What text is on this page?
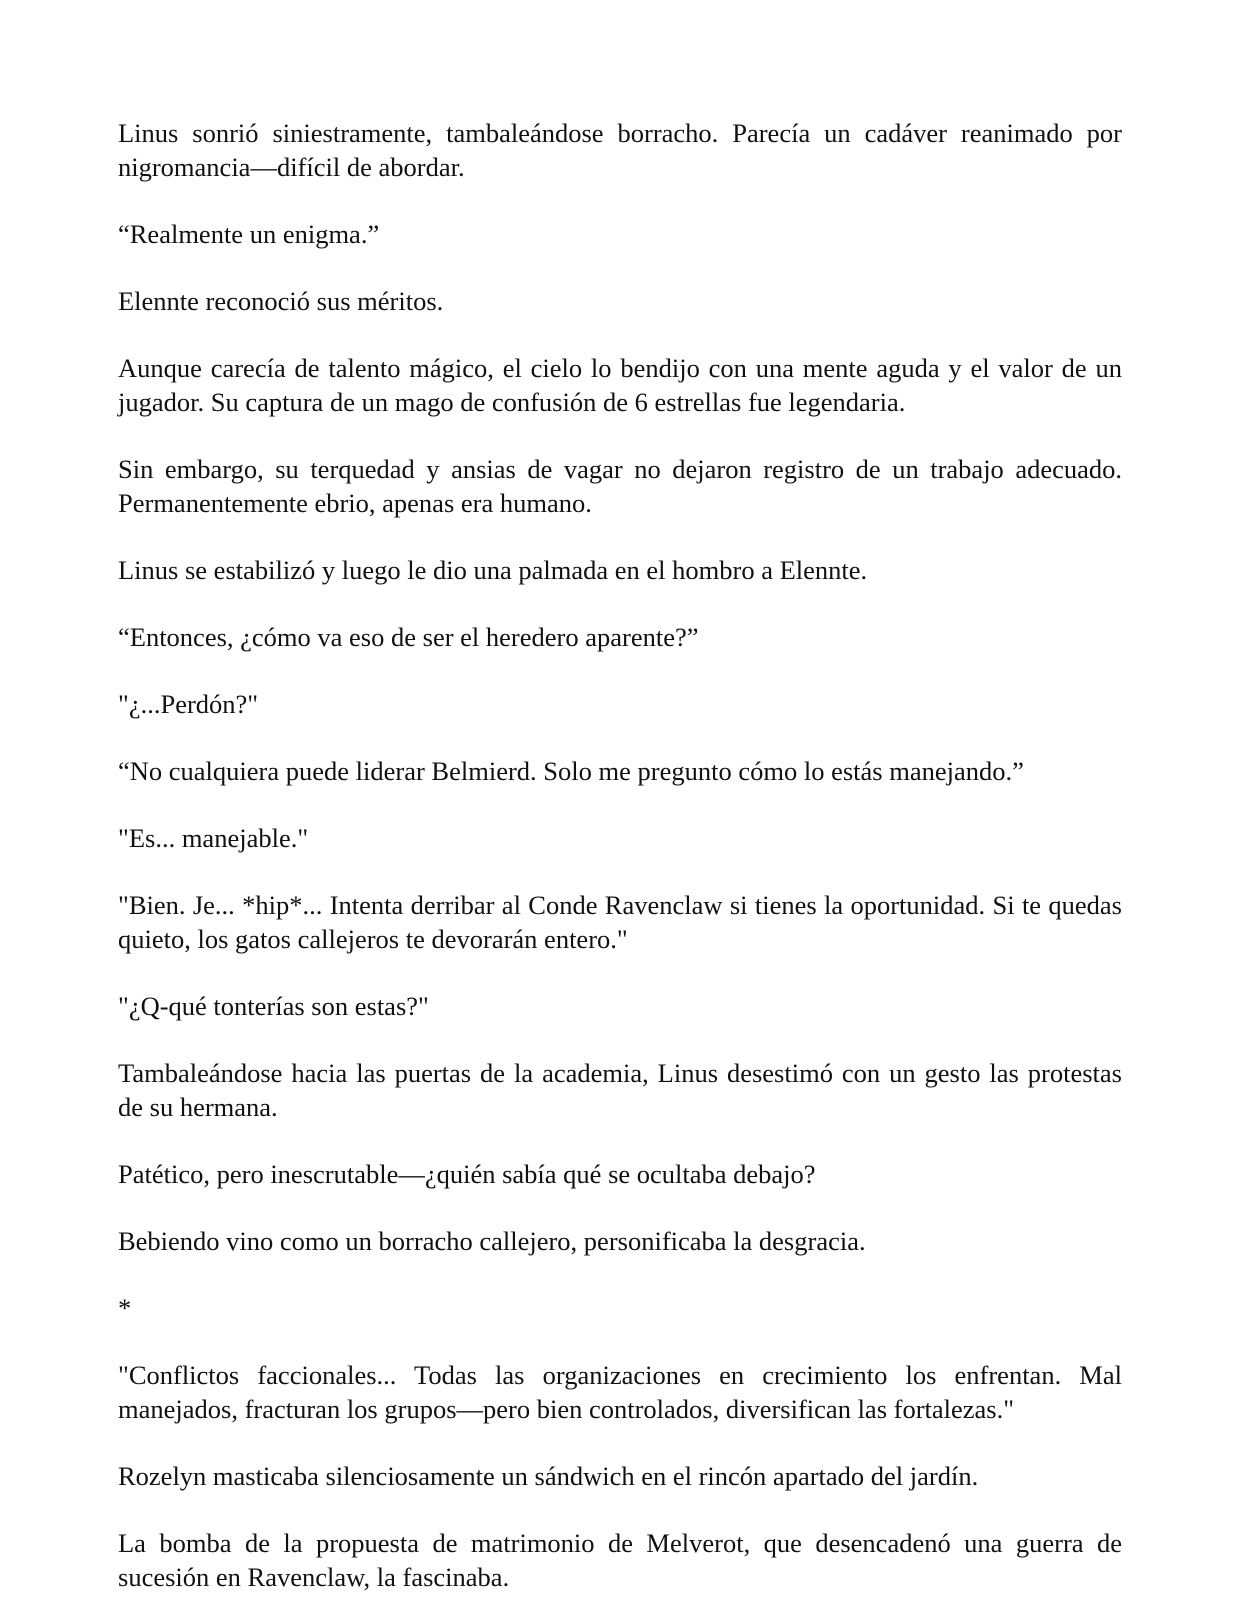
Linus sonrió siniestramente, tambaleándose borracho. Parecía un cadáver reanimado por nigromancia—difícil de abordar.

“Realmente un enigma.”

Elennte reconoció sus méritos.

Aunque carecía de talento mágico, el cielo lo bendijo con una mente aguda y el valor de un jugador. Su captura de un mago de confusión de 6 estrellas fue legendaria.

Sin embargo, su terquedad y ansias de vagar no dejaron registro de un trabajo adecuado. Permanentemente ebrio, apenas era humano.

Linus se estabilizó y luego le dio una palmada en el hombro a Elennte.

“Entonces, ¿cómo va eso de ser el heredero aparente?”

"¿...Perdón?"

“No cualquiera puede liderar Belmierd. Solo me pregunto cómo lo estás manejando.”

"Es... manejable."

"Bien. Je... *hip*... Intenta derribar al Conde Ravenclaw si tienes la oportunidad. Si te quedas quieto, los gatos callejeros te devorarán entero."

"¿Q-qué tonterías son estas?"

Tambaleándose hacia las puertas de la academia, Linus desestimó con un gesto las protestas de su hermana.

Patético, pero inescrutable—¿quién sabía qué se ocultaba debajo?

Bebiendo vino como un borracho callejero, personificaba la desgracia.

*

"Conflictos faccionales... Todas las organizaciones en crecimiento los enfrentan. Mal manejados, fracturan los grupos—pero bien controlados, diversifican las fortalezas."

Rozelyn masticaba silenciosamente un sándwich en el rincón apartado del jardín.

La bomba de la propuesta de matrimonio de Melverot, que desencadenó una guerra de sucesión en Ravenclaw, la fascinaba.
